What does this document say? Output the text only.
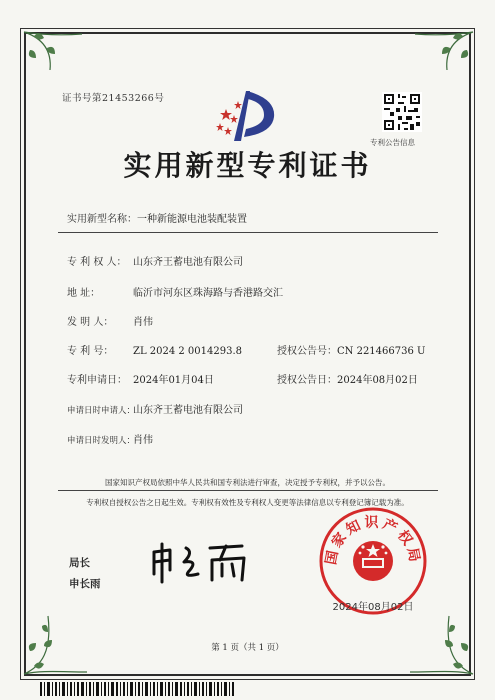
证书号第21453266号
专利公告信息
实用新型专利证书
实用新型名称：一种新能源电池装配装置
专 利 权 人： 山东齐王蓄电池有限公司
地 址：	临沂市河东区珠海路与香港路交汇
发 明 人： 肖伟
专 利 号： ZL 2024 2 0014293.8	授权公告号：CN 221466736 U
专利申请日： 2024年01月04日	授权公告日：2024年08月02日
申请日时申请人：山东齐王蓄电池有限公司
申请日时发明人：肖伟
国家知识产权局依照中华人民共和国专利法进行审查，决定授予专利权，并予以公告。
专利权自授权公告之日起生效。专利权有效性及专利权人变更等法律信息以专利登记簿记载为准。
局长
申长雨
国家知识产权局
2024年08月02日
第 1 页（共 1 页）
